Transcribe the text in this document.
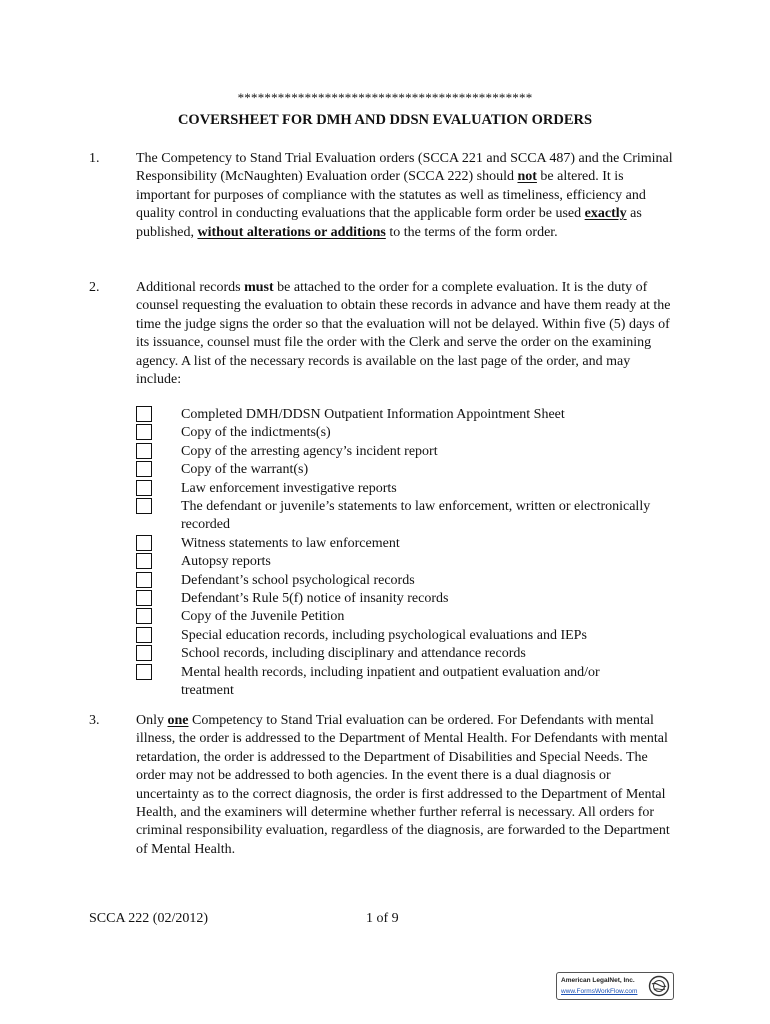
********************************************
COVERSHEET FOR DMH AND DDSN EVALUATION ORDERS
1.	The Competency to Stand Trial Evaluation orders (SCCA 221 and SCCA 487) and the Criminal Responsibility (McNaughten) Evaluation order (SCCA 222) should not be altered. It is important for purposes of compliance with the statutes as well as timeliness, efficiency and quality control in conducting evaluations that the applicable form order be used exactly as published, without alterations or additions to the terms of the form order.
2.	Additional records must be attached to the order for a complete evaluation. It is the duty of counsel requesting the evaluation to obtain these records in advance and have them ready at the time the judge signs the order so that the evaluation will not be delayed. Within five (5) days of its issuance, counsel must file the order with the Clerk and serve the order on the examining agency. A list of the necessary records is available on the last page of the order, and may include:
Completed DMH/DDSN Outpatient Information Appointment Sheet
Copy of the indictments(s)
Copy of the arresting agency’s incident report
Copy of the warrant(s)
Law enforcement investigative reports
The defendant or juvenile’s statements to law enforcement, written or electronically recorded
Witness statements to law enforcement
Autopsy reports
Defendant’s school psychological records
Defendant’s Rule 5(f) notice of insanity records
Copy of the Juvenile Petition
Special education records, including psychological evaluations and IEPs
School records, including disciplinary and attendance records
Mental health records, including inpatient and outpatient evaluation and/or treatment
3.	Only one Competency to Stand Trial evaluation can be ordered. For Defendants with mental illness, the order is addressed to the Department of Mental Health. For Defendants with mental retardation, the order is addressed to the Department of Disabilities and Special Needs. The order may not be addressed to both agencies. In the event there is a dual diagnosis or uncertainty as to the correct diagnosis, the order is first addressed to the Department of Mental Health, and the examiners will determine whether further referral is necessary. All orders for criminal responsibility evaluation, regardless of the diagnosis, are forwarded to the Department of Mental Health.
SCCA 222 (02/2012)	1 of 9
American LegalNet, Inc.
www.FormsWorkFlow.com
